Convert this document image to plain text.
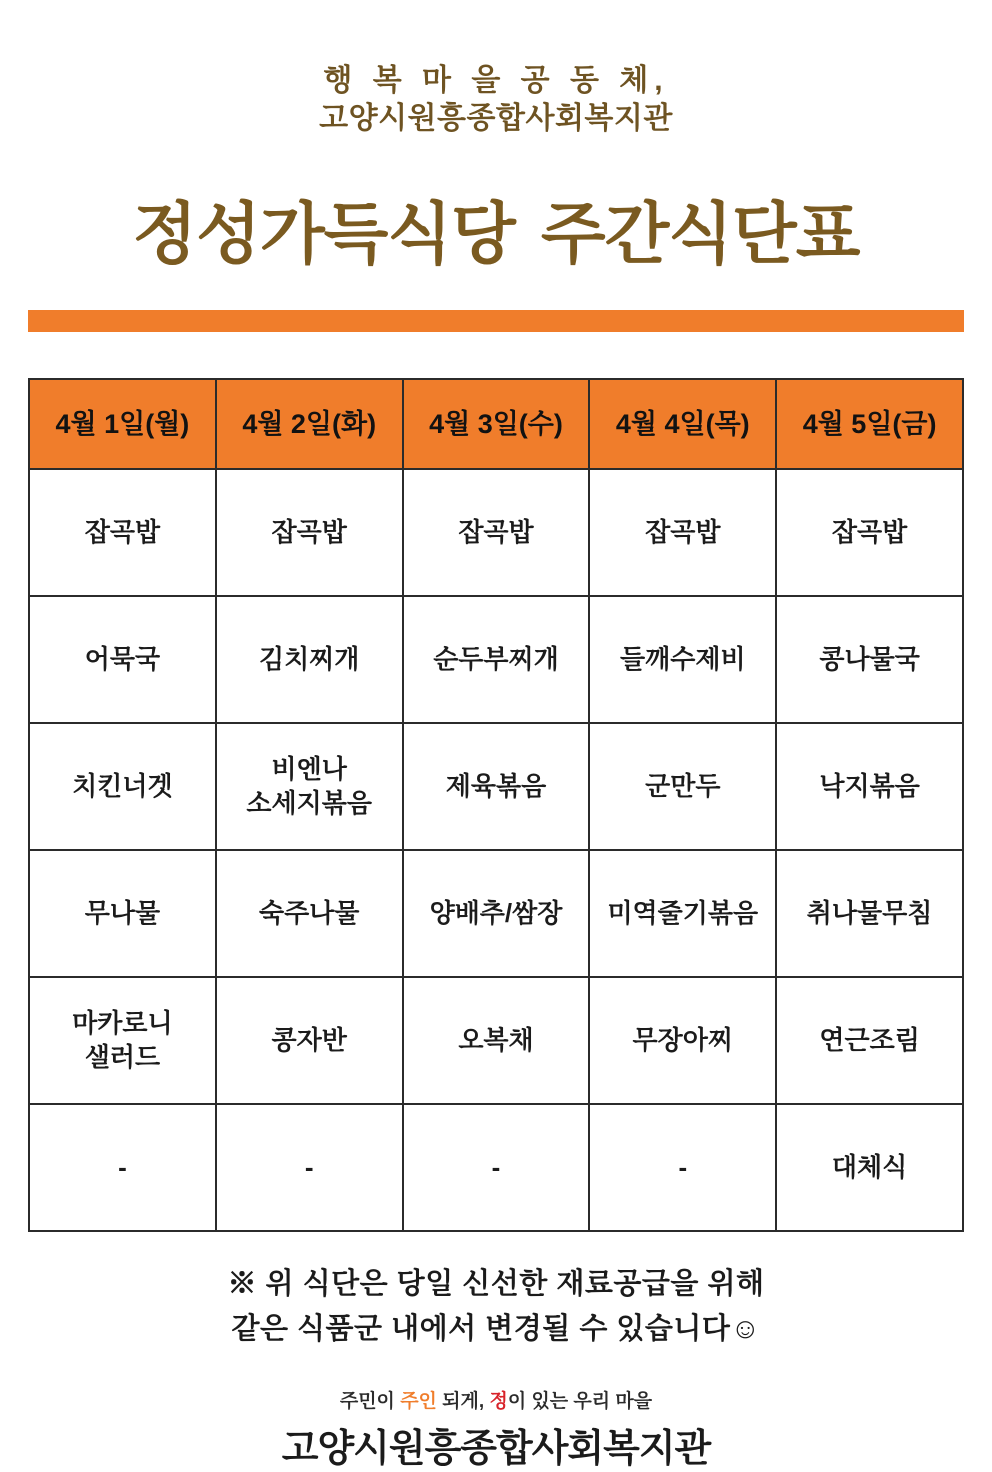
행 복 마 을 공 동 체,
고양시원흥종합사회복지관
정성가득식당 주간식단표
4월 1일(월)	4월 2일(화)	4월 3일(수)	4월 4일(목)	4월 5일(금)

잡곡밥	잡곡밥	잡곡밥	잡곡밥	잡곡밥

어묵국	김치찌개	순두부찌개	들깨수제비	콩나물국

치킨너겟	비엔나
소세지볶음	제육볶음	군만두	낙지볶음

무나물	숙주나물	양배추/쌈장	미역줄기볶음	취나물무침

마카로니
샐러드	콩자반	오복채	무장아찌	연근조림

-	-	-	-	대체식
※ 위 식단은 당일 신선한 재료공급을 위해
같은 식품군 내에서 변경될 수 있습니다☺
주민이 주인 되게, 정이 있는 우리 마을
고양시원흥종합사회복지관
